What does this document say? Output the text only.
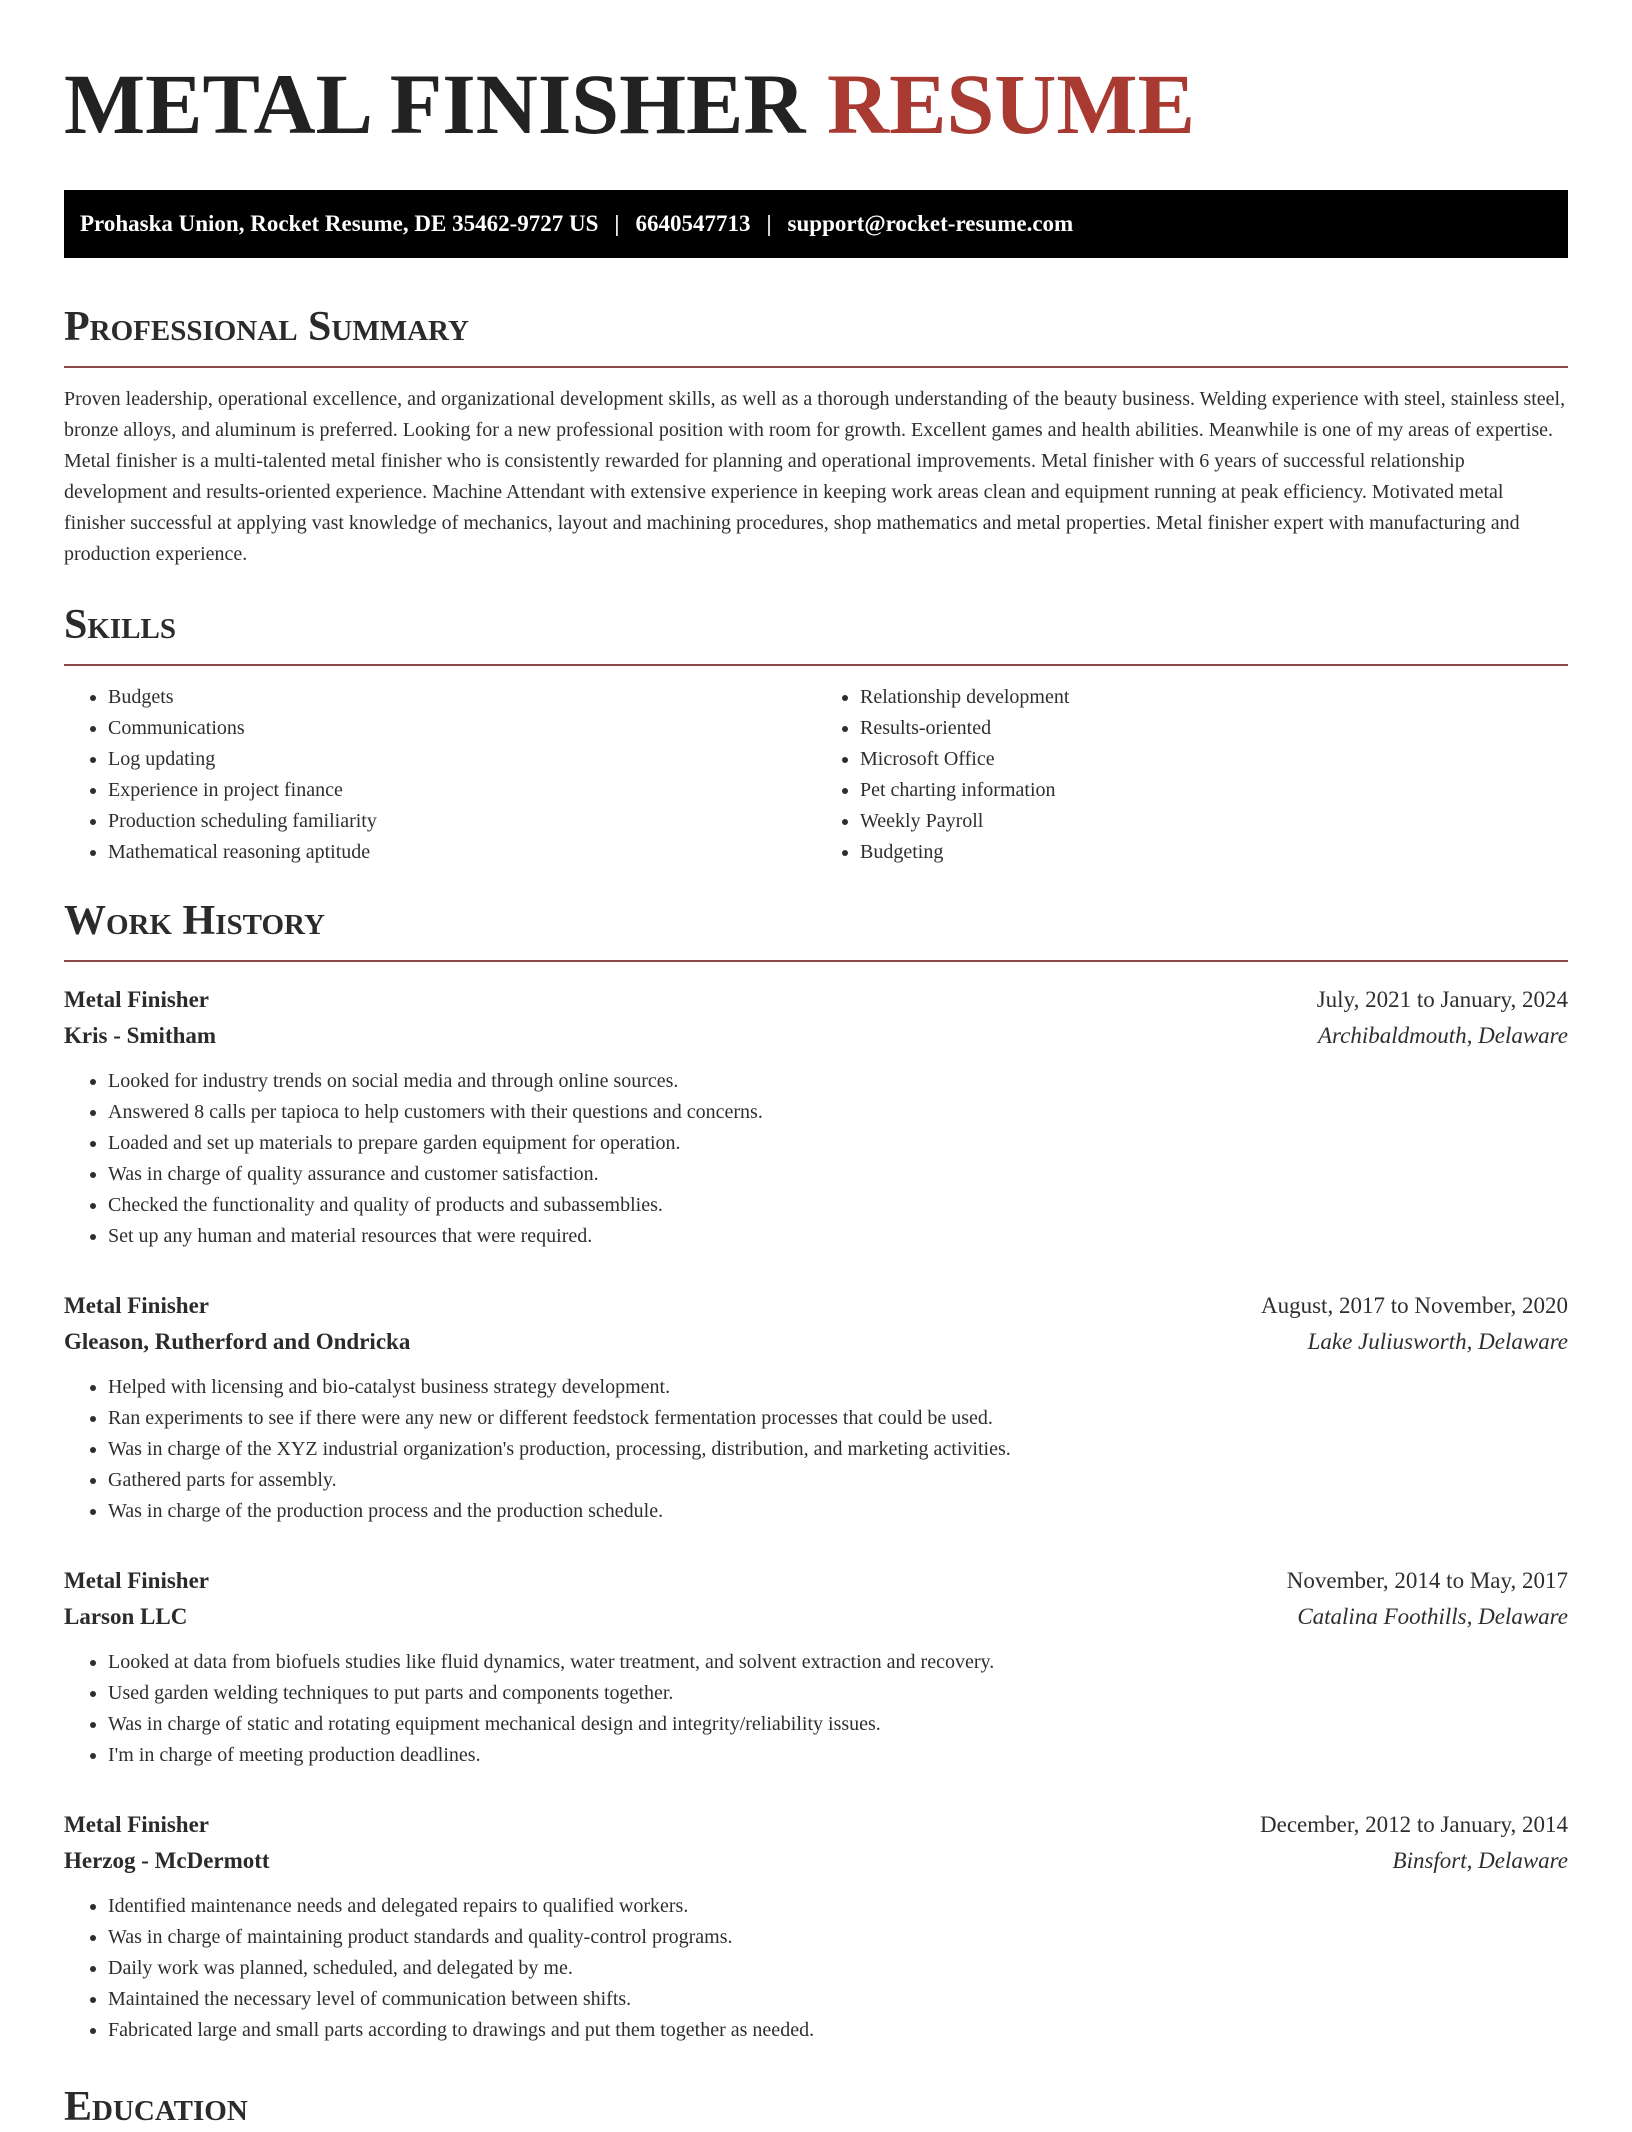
METAL FINISHER RESUME
Prohaska Union, Rocket Resume, DE 35462-9727 US | 6640547713 | support@rocket-resume.com
Professional Summary

Proven leadership, operational excellence, and organizational development skills, as well as a thorough understanding of the beauty business. Welding experience with steel, stainless steel, bronze alloys, and aluminum is preferred. Looking for a new professional position with room for growth. Excellent games and health abilities. Meanwhile is one of my areas of expertise. Metal finisher is a multi-talented metal finisher who is consistently rewarded for planning and operational improvements. Metal finisher with 6 years of successful relationship development and results-oriented experience. Machine Attendant with extensive experience in keeping work areas clean and equipment running at peak efficiency. Motivated metal finisher successful at applying vast knowledge of mechanics, layout and machining procedures, shop mathematics and metal properties. Metal finisher expert with manufacturing and production experience.

Skills
• Budgets
• Communications
• Log updating
• Experience in project finance
• Production scheduling familiarity
• Mathematical reasoning aptitude
• Relationship development
• Results-oriented
• Microsoft Office
• Pet charting information
• Weekly Payroll
• Budgeting
Work History
Metal Finisher	July, 2021 to January, 2024
Kris - Smitham	Archibaldmouth, Delaware
• Looked for industry trends on social media and through online sources.
• Answered 8 calls per tapioca to help customers with their questions and concerns.
• Loaded and set up materials to prepare garden equipment for operation.
• Was in charge of quality assurance and customer satisfaction.
• Checked the functionality and quality of products and subassemblies.
• Set up any human and material resources that were required.
Metal Finisher	August, 2017 to November, 2020
Gleason, Rutherford and Ondricka	Lake Juliusworth, Delaware
• Helped with licensing and bio-catalyst business strategy development.
• Ran experiments to see if there were any new or different feedstock fermentation processes that could be used.
• Was in charge of the XYZ industrial organization's production, processing, distribution, and marketing activities.
• Gathered parts for assembly.
• Was in charge of the production process and the production schedule.
Metal Finisher	November, 2014 to May, 2017
Larson LLC	Catalina Foothills, Delaware
• Looked at data from biofuels studies like fluid dynamics, water treatment, and solvent extraction and recovery.
• Used garden welding techniques to put parts and components together.
• Was in charge of static and rotating equipment mechanical design and integrity/reliability issues.
• I'm in charge of meeting production deadlines.
Metal Finisher	December, 2012 to January, 2014
Herzog - McDermott	Binsfort, Delaware
• Identified maintenance needs and delegated repairs to qualified workers.
• Was in charge of maintaining product standards and quality-control programs.
• Daily work was planned, scheduled, and delegated by me.
• Maintained the necessary level of communication between shifts.
• Fabricated large and small parts according to drawings and put them together as needed.
Education
